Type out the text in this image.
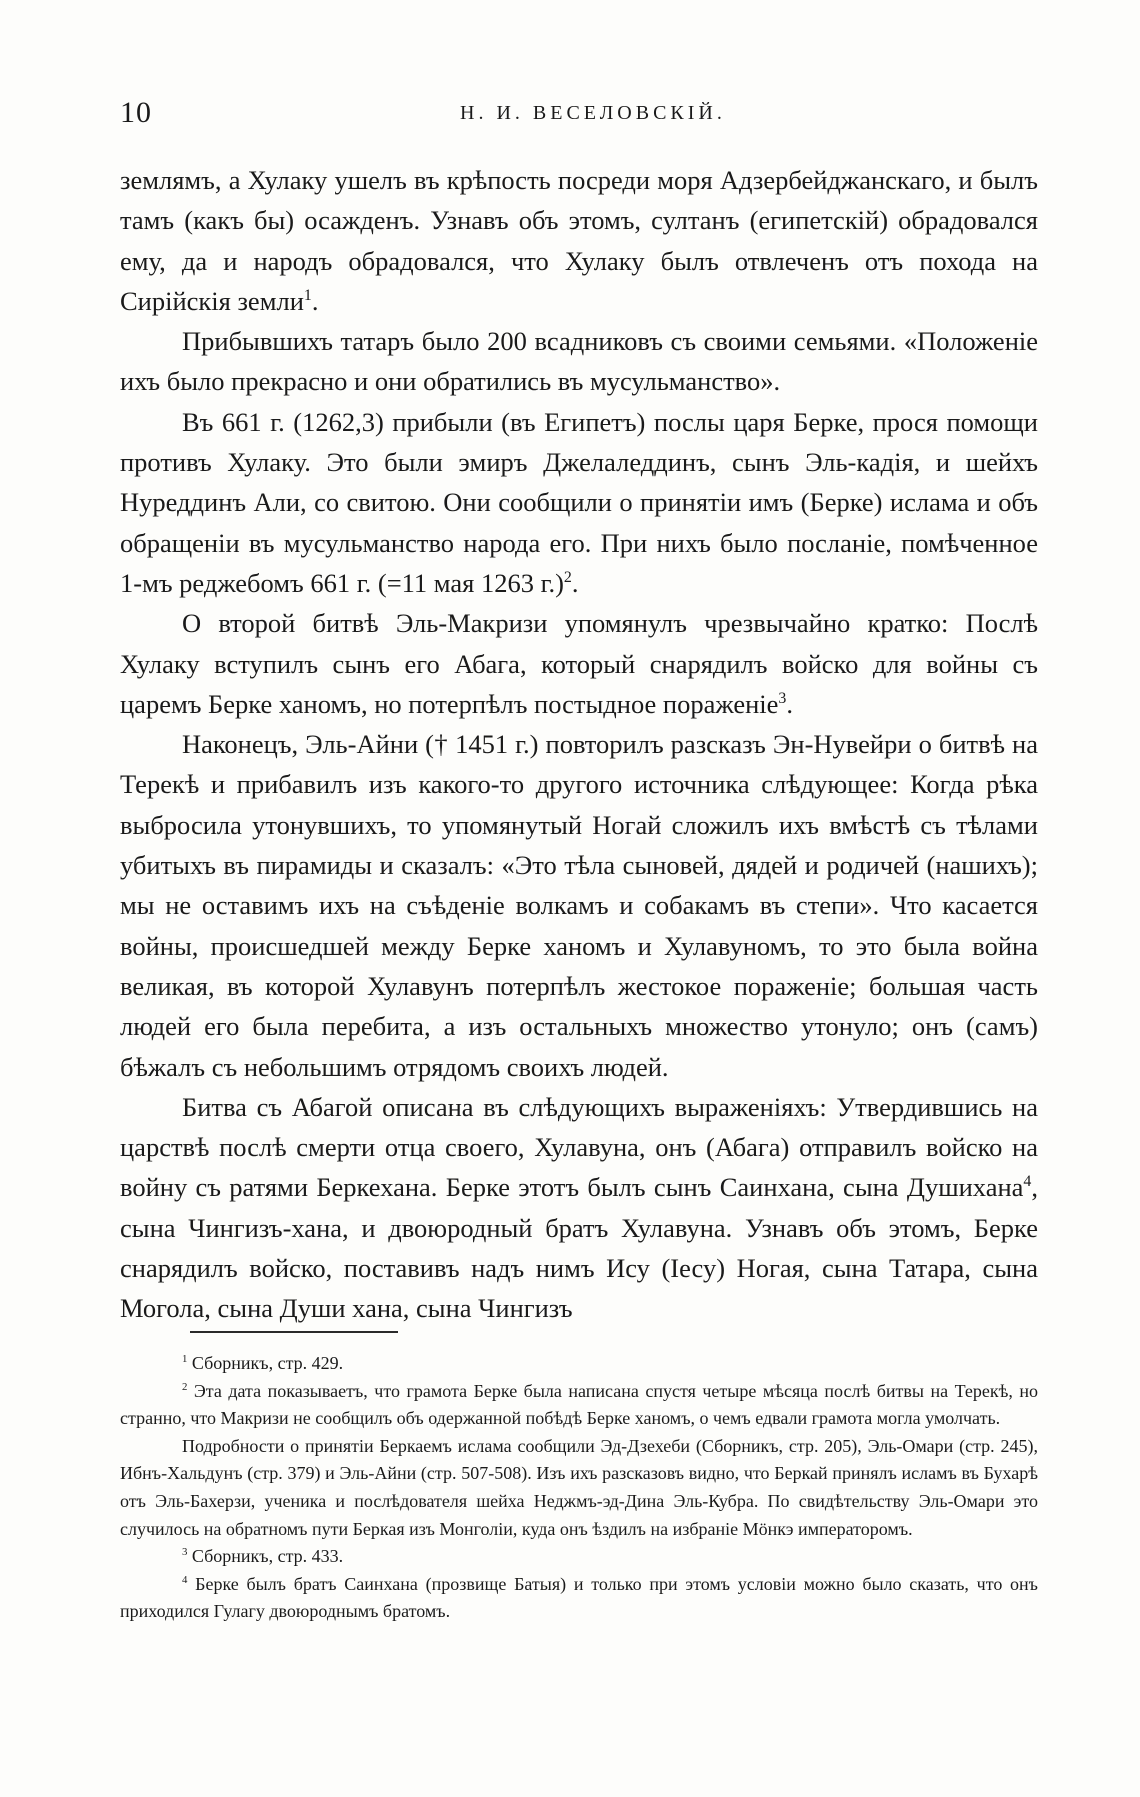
10	Н. И. ВЕСЕЛОВСКІЙ.

землямъ, а Хулаку ушелъ въ крѣпость посреди моря Адзербейджанскаго, и былъ тамъ (какъ бы) осажденъ. Узнавъ объ этомъ, султанъ (египетскій) обрадовался ему, да и народъ обрадовался, что Хулаку былъ отвлеченъ отъ похода на Сирійскія земли$^1$.

Прибывшихъ татаръ было 200 всадниковъ съ своими семьями. «Положеніе ихъ было прекрасно и они обратились въ мусульманство».

Въ 661 г. (1262,3) прибыли (въ Египетъ) послы царя Берке, прося помощи противъ Хулаку. Это были эмиръ Джелаледдинъ, сынъ Эль-кадія, и шейхъ Нуреддинъ Али, со свитою. Они сообщили о принятіи имъ (Берке) ислама и объ обращеніи въ мусульманство народа его. При нихъ было посланіе, помѣченное 1-мъ реджебомъ 661 г. (=11 мая 1263 г.)$^2$.

О второй битвѣ Эль-Макризи упомянулъ чрезвычайно кратко: Послѣ Хулаку вступилъ сынъ его Абага, который снарядилъ войско для войны съ царемъ Берке ханомъ, но потерпѣлъ постыдное пораженіе$^3$.

Наконецъ, Эль-Айни († 1451 г.) повторилъ разсказъ Эн-Нувейри о битвѣ на Терекѣ и прибавилъ изъ какого-то другого источника слѣдующее: Когда рѣка выбросила утонувшихъ, то упомянутый Ногай сложилъ ихъ вмѣстѣ съ тѣлами убитыхъ въ пирамиды и сказалъ: «Это тѣла сыновей, дядей и родичей (нашихъ); мы не оставимъ ихъ на съѣденіе волкамъ и собакамъ въ степи». Что касается войны, происшедшей между Берке ханомъ и Хулавуномъ, то это была война великая, въ которой Хулавунъ потерпѣлъ жестокое пораженіе; большая часть людей его была перебита, а изъ остальныхъ множество утонуло; онъ (самъ) бѣжалъ съ небольшимъ отрядомъ своихъ людей.

Битва съ Абагой описана въ слѣдующихъ выраженіяхъ: Утвердившись на царствѣ послѣ смерти отца своего, Хулавуна, онъ (Абага) отправилъ войско на войну съ ратями Беркехана. Берке этотъ былъ сынъ Саинхана, сына Душихана$^4$, сына Чингизъ-хана, и двоюродный братъ Хулавуна. Узнавъ объ этомъ, Берке снарядилъ войско, поставивъ надъ нимъ Ису (Іесу) Ногая, сына Татара, сына Могола, сына Души хана, сына Чингизъ

$^1$ Сборникъ, стр. 429.

$^2$ Эта дата показываетъ, что грамота Берке была написана спустя четыре мѣсяца послѣ битвы на Терекѣ, но странно, что Макризи не сообщилъ объ одержанной побѣдѣ Берке ханомъ, о чемъ едвали грамота могла умолчать.

Подробности о принятіи Беркаемъ ислама сообщили Эд-Дзехеби (Сборникъ, стр. 205), Эль-Омари (стр. 245), Ибнъ-Хальдунъ (стр. 379) и Эль-Айни (стр. 507-508). Изъ ихъ разсказовъ видно, что Беркай принялъ исламъ въ Бухарѣ отъ Эль-Бахерзи, ученика и послѣдователя шейха Неджмъ-эд-Дина Эль-Кубра. По свидѣтельству Эль-Омари это случилось на обратномъ пути Беркая изъ Монголіи, куда онъ ѣздилъ на избраніе Мӧнкэ императоромъ.

$^3$ Сборникъ, стр. 433.

$^4$ Берке былъ братъ Саинхана (прозвище Батыя) и только при этомъ условіи можно было сказать, что онъ приходился Гулагу двоюроднымъ братомъ.
